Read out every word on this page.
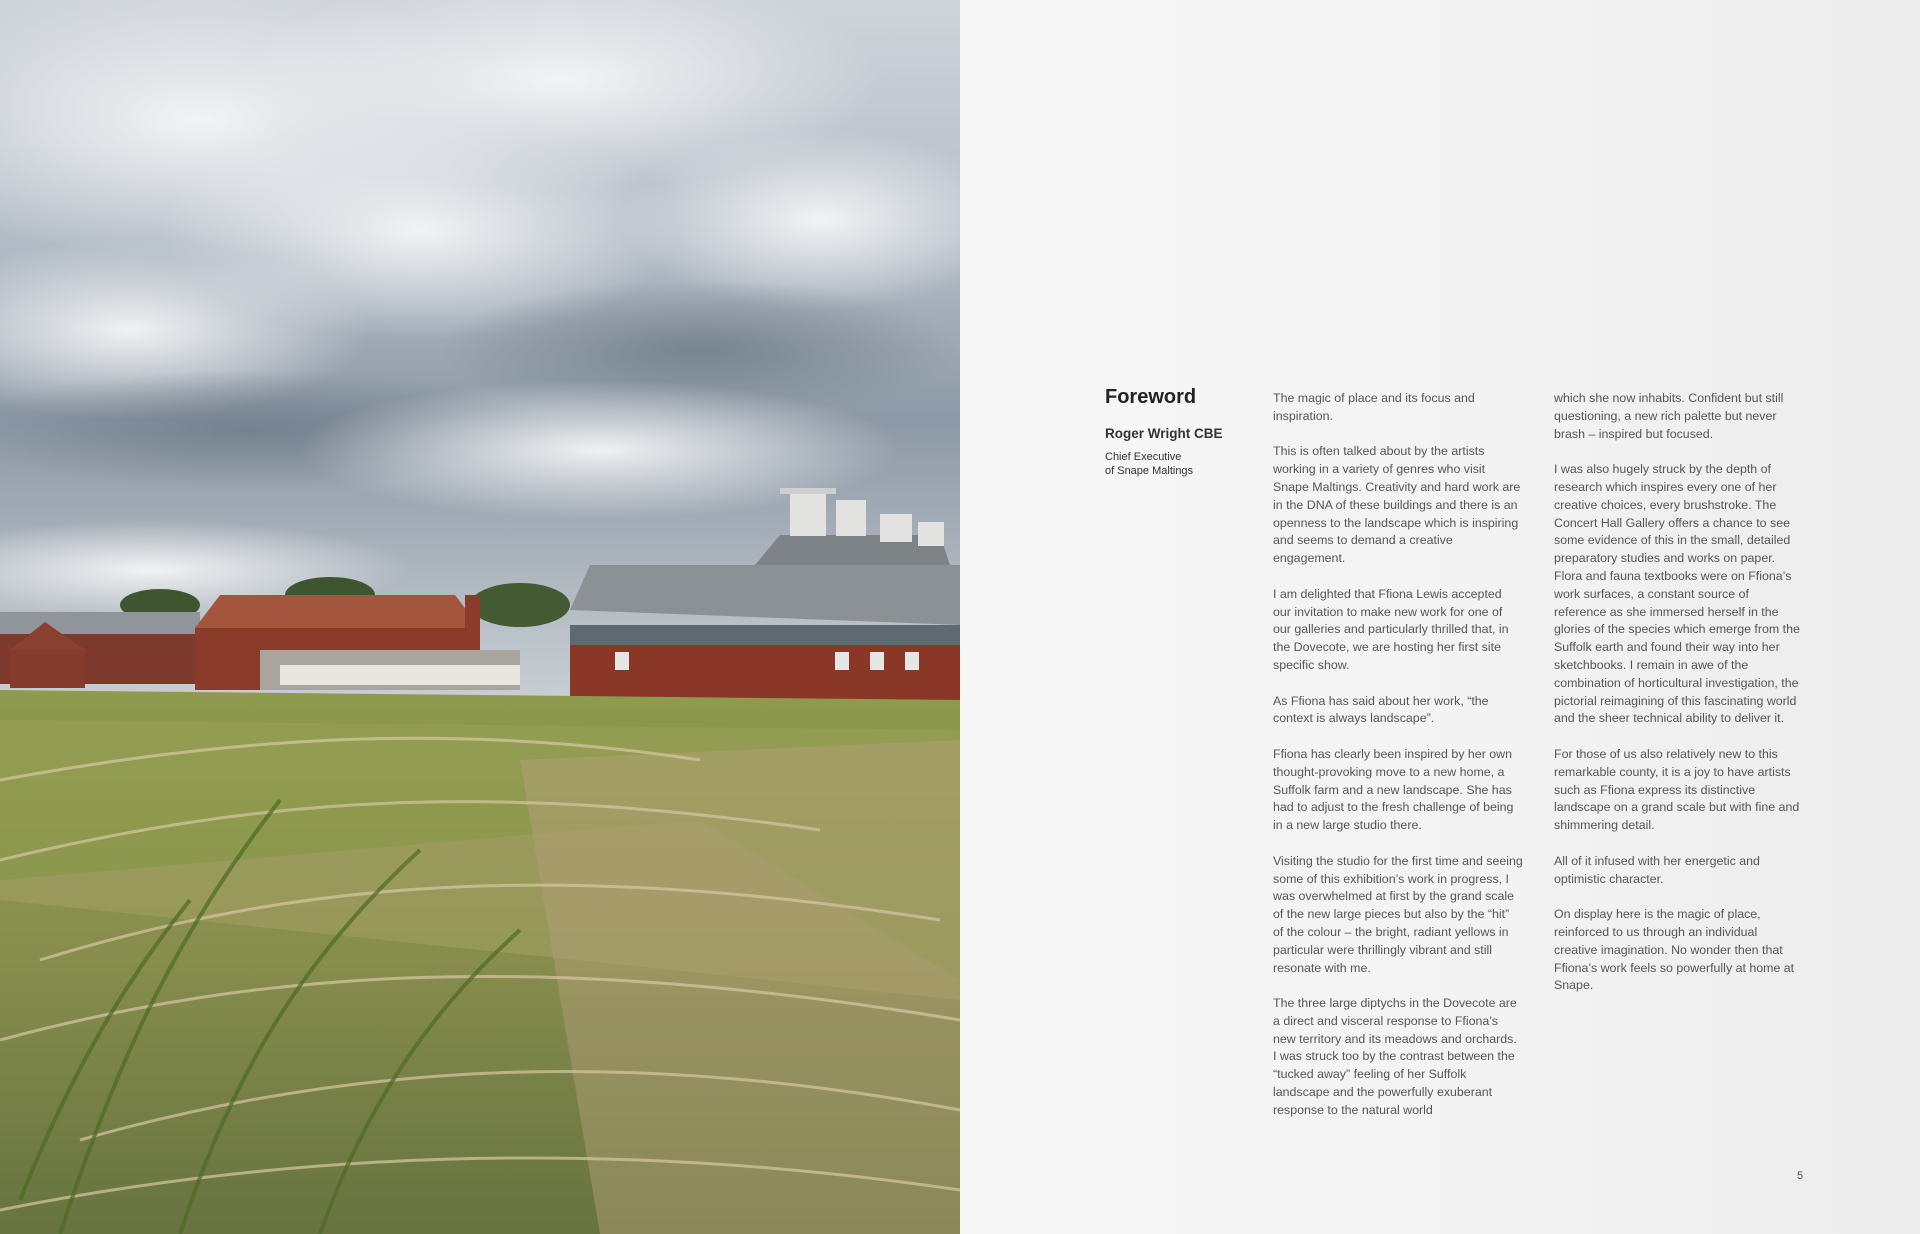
Foreword

Roger Wright CBE

Chief Executive
of Snape Maltings

The magic of place and its focus and inspiration.

This is often talked about by the artists working in a variety of genres who visit Snape Maltings. Creativity and hard work are in the DNA of these buildings and there is an openness to the landscape which is inspiring and seems to demand a creative engagement.

I am delighted that Ffiona Lewis accepted our invitation to make new work for one of our galleries and particularly thrilled that, in the Dovecote, we are hosting her first site specific show.

As Ffiona has said about her work, “the context is always landscape”.

Ffiona has clearly been inspired by her own thought-provoking move to a new home, a Suffolk farm and a new landscape. She has had to adjust to the fresh challenge of being in a new large studio there.

Visiting the studio for the first time and seeing some of this exhibition’s work in progress, I was overwhelmed at first by the grand scale of the new large pieces but also by the “hit” of the colour – the bright, radiant yellows in particular were thrillingly vibrant and still resonate with me.

The three large diptychs in the Dovecote are a direct and visceral response to Ffiona’s new territory and its meadows and orchards. I was struck too by the contrast between the “tucked away” feeling of her Suffolk landscape and the powerfully exuberant response to the natural world

which she now inhabits. Confident but still questioning, a new rich palette but never brash – inspired but focused.

I was also hugely struck by the depth of research which inspires every one of her creative choices, every brushstroke. The Concert Hall Gallery offers a chance to see some evidence of this in the small, detailed preparatory studies and works on paper. Flora and fauna textbooks were on Ffiona’s work surfaces, a constant source of reference as she immersed herself in the glories of the species which emerge from the Suffolk earth and found their way into her sketchbooks. I remain in awe of the combination of horticultural investigation, the pictorial reimagining of this fascinating world and the sheer technical ability to deliver it.

For those of us also relatively new to this remarkable county, it is a joy to have artists such as Ffiona express its distinctive landscape on a grand scale but with fine and shimmering detail.

All of it infused with her energetic and optimistic character.

On display here is the magic of place, reinforced to us through an individual creative imagination. No wonder then that Ffiona’s work feels so powerfully at home at Snape.

5
